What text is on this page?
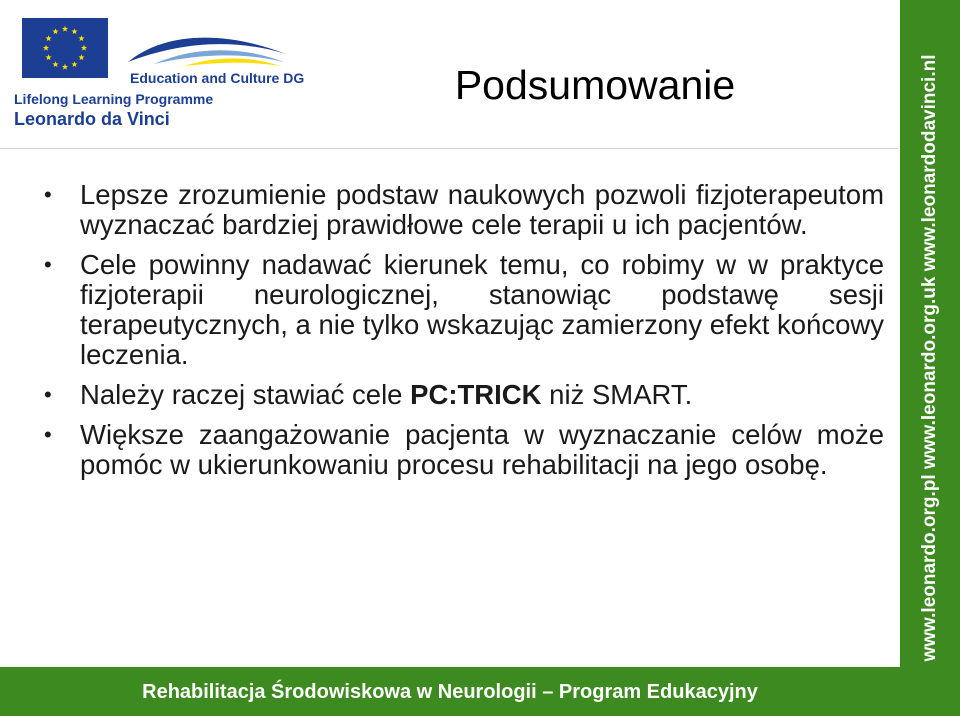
Education and Culture DG
Lifelong Learning Programme
Leonardo da Vinci
Podsumowanie
• Lepsze zrozumienie podstaw naukowych pozwoli fizjoterapeutom wyznaczać bardziej prawidłowe cele terapii u ich pacjentów.
• Cele powinny nadawać kierunek temu, co robimy w w praktyce fizjoterapii neurologicznej, stanowiąc podstawę sesji terapeutycznych, a nie tylko wskazując zamierzony efekt końcowy leczenia.
• Należy raczej stawiać cele PC:TRICK niż SMART.
• Większe zaangażowanie pacjenta w wyznaczanie celów może pomóc w ukierunkowaniu procesu rehabilitacji na jego osobę.	www.leonardo.org.pl www.leonardo.org.uk www.leonardodavinci.nl
Rehabilitacja Środowiskowa w Neurologii – Program Edukacyjny
